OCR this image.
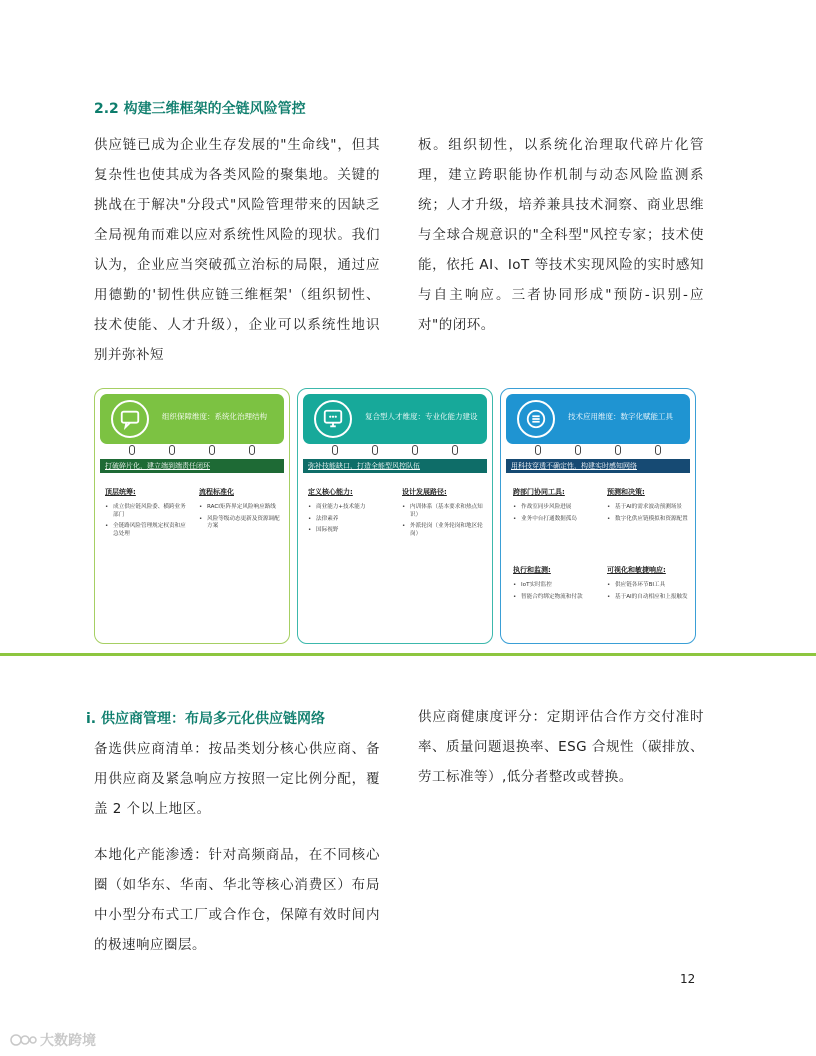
2.2 构建三维框架的全链风险管控

供应链已成为企业生存发展的"生命线"，但其复杂性也使其成为各类风险的聚集地。关键的挑战在于解决"分段式"风险管理带来的因缺乏全局视角而难以应对系统性风险的现状。我们认为，企业应当突破孤立治标的局限，通过应用德勤的'韧性供应链三维框架'（组织韧性、技术使能、人才升级），企业可以系统性地识别并弥补短

板。组织韧性，以系统化治理取代碎片化管理，建立跨职能协作机制与动态风险监测系统；人才升级，培养兼具技术洞察、商业思维与全球合规意识的"全科型"风控专家；技术使能，依托 AI、IoT 等技术实现风险的实时感知与自主响应。三者协同形成"预防-识别-应对"的闭环。

组织保障维度：系统化治理结构
打破碎片化，建立端到端责任闭环
顶层统筹:
• 成立供应链风险委、横跨业务部门
• 全链路风险管理规定权责和应急处理
流程标准化
• RACI矩阵界定风险响应路线
• 风险等级动态更新及资源调配方案
复合型人才维度：专业化能力建设
弥补技能缺口，打造全能型风控队伍
定义核心能力:
• 商业能力+技术能力
• 法律素养
• 国际视野
设计发展路径:
• 内训体系（基本要求和热点知识）
• 外派轮岗（业务轮岗和地区轮岗）
技术应用维度：数字化赋能工具
用科技穿透不确定性，构建实时感知网络
跨部门协同工具:
• 作战室同步风险进展
• 业务中台打通数据孤岛
预测和决策:
• 基于AI的需求波动预测场景
• 数字化供应链模拟和资源配置
执行和监测:
• IoT实时监控
• 智能合约绑定物流和付款
可视化和敏捷响应:
• 供应链各环节BI工具
• 基于AI的自动相应和上报触发
i. 供应商管理：布局多元化供应链网络

备选供应商清单：按品类划分核心供应商、备用供应商及紧急响应方按照一定比例分配，覆盖 2 个以上地区。

本地化产能渗透：针对高频商品，在不同核心圈（如华东、华南、华北等核心消费区）布局中小型分布式工厂或合作仓，保障有效时间内的极速响应圈层。

供应商健康度评分：定期评估合作方交付准时率、质量问题退换率、ESG 合规性（碳排放、劳工标准等）,低分者整改或替换。

12
大数跨境
